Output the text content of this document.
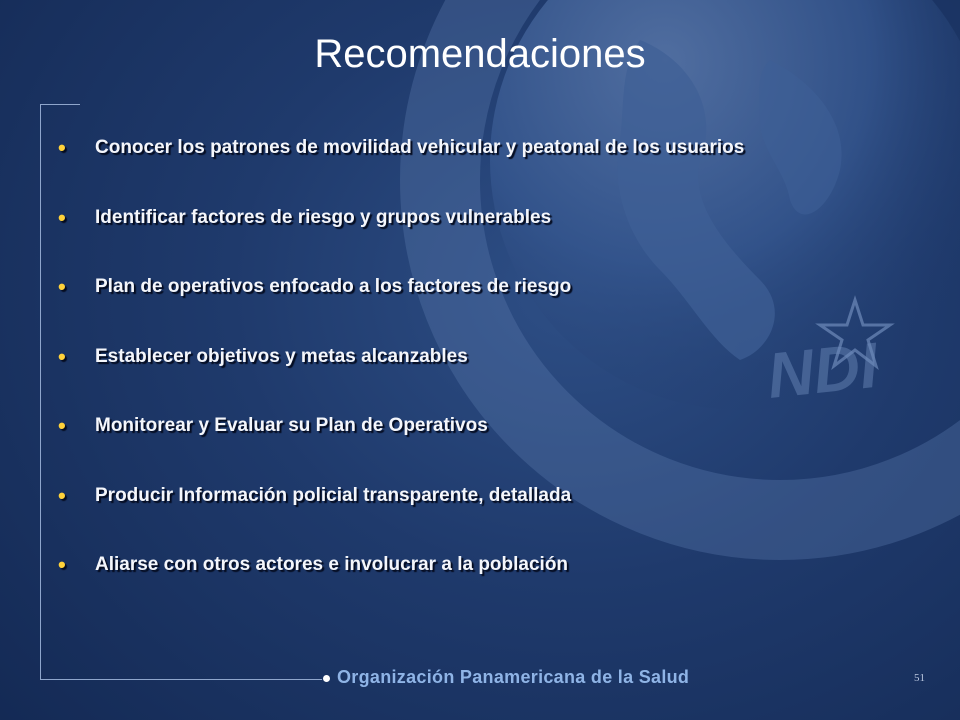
NDI
Recomendaciones
•	Conocer los patrones de movilidad vehicular y peatonal de los usuarios
•	Identificar factores de riesgo y grupos vulnerables
•	Plan de operativos enfocado a los factores de riesgo
•	Establecer objetivos y metas alcanzables
•	Monitorear y Evaluar su Plan de Operativos
•	Producir Información policial transparente, detallada
•	Aliarse con otros actores e involucrar a la población
Organización Panamericana de la Salud	51
